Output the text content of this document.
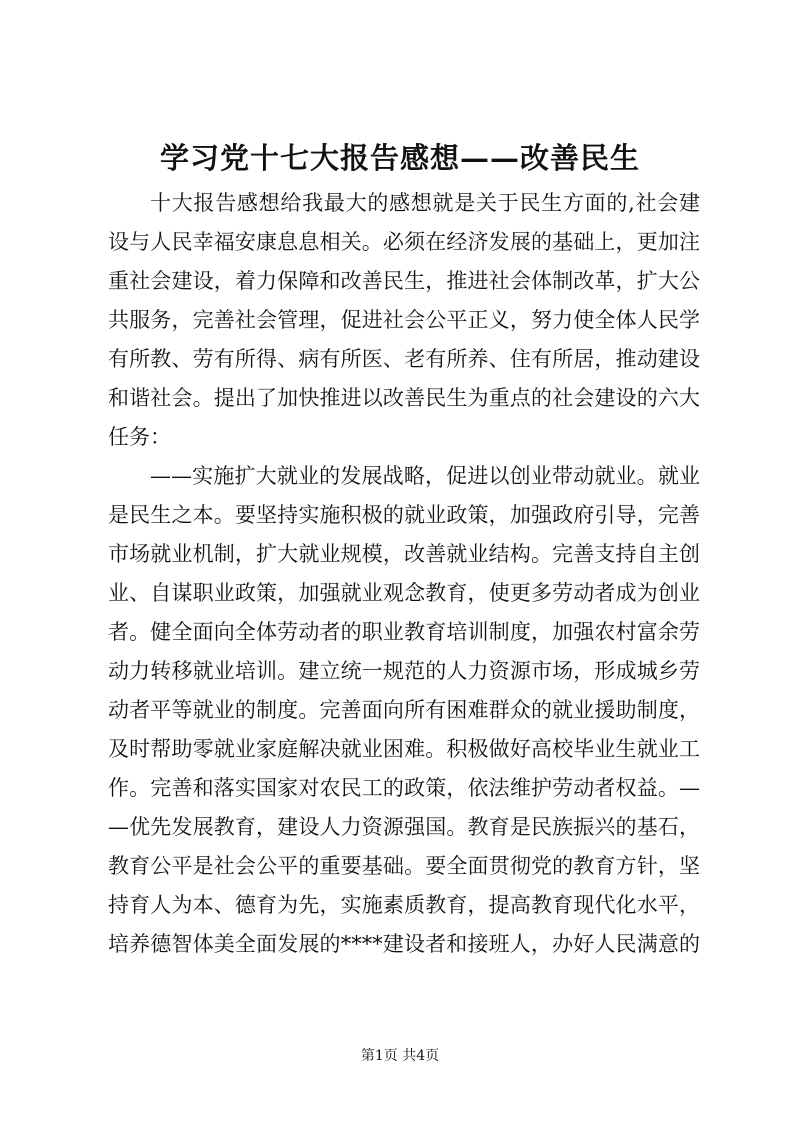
学习党十七大报告感想——改善民生
十大报告感想给我最大的感想就是关于民生方面的,社会建
设与人民幸福安康息息相关。必须在经济发展的基础上，更加注
重社会建设，着力保障和改善民生，推进社会体制改革，扩大公
共服务，完善社会管理，促进社会公平正义，努力使全体人民学
有所教、劳有所得、病有所医、老有所养、住有所居，推动建设
和谐社会。提出了加快推进以改善民生为重点的社会建设的六大
任务：
——实施扩大就业的发展战略，促进以创业带动就业。就业
是民生之本。要坚持实施积极的就业政策，加强政府引导，完善
市场就业机制，扩大就业规模，改善就业结构。完善支持自主创
业、自谋职业政策，加强就业观念教育，使更多劳动者成为创业
者。健全面向全体劳动者的职业教育培训制度，加强农村富余劳
动力转移就业培训。建立统一规范的人力资源市场，形成城乡劳
动者平等就业的制度。完善面向所有困难群众的就业援助制度，
及时帮助零就业家庭解决就业困难。积极做好高校毕业生就业工
作。完善和落实国家对农民工的政策，依法维护劳动者权益。—
—优先发展教育，建设人力资源强国。教育是民族振兴的基石，
教育公平是社会公平的重要基础。要全面贯彻党的教育方针，坚
持育人为本、德育为先，实施素质教育，提高教育现代化水平，
培养德智体美全面发展的****建设者和接班人，办好人民满意的
第1页 共4页
